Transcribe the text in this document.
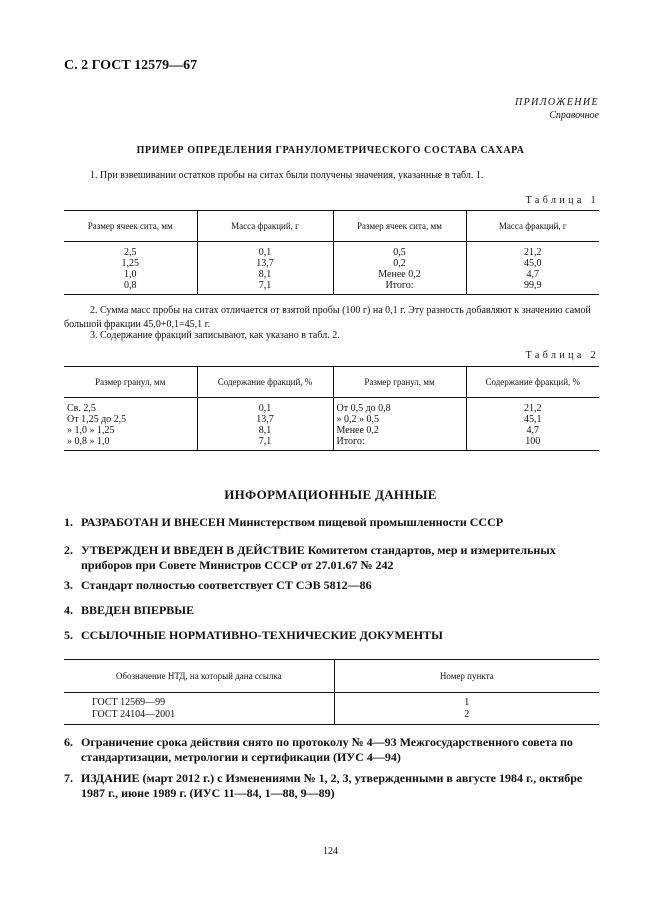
С. 2 ГОСТ 12579—67
ПРИЛОЖЕНИЕ
Справочное
ПРИМЕР ОПРЕДЕЛЕНИЯ ГРАНУЛОМЕТРИЧЕСКОГО СОСТАВА САХАРА

1. При взвешивании остатков пробы на ситах были получены значения, указанные в табл. 1.

Таблица 1
Размер ячеек сита, мм	Масса фракций, г	Размер ячеек сита, мм	Масса фракций, г
2,5	0,1	0,5	21,2
1,25	13,7	0,2	45,0
1,0	8,1	Менее 0,2	4,7
0,8	7,1	Итого:	99,9

2. Сумма масс пробы на ситах отличается от взятой пробы (100 г) на 0,1 г. Эту разность добавляют к значению самой большой фракции 45,0+0,1=45,1 г.

3. Содержание фракций записывают, как указано в табл. 2.

Таблица 2
Размер гранул, мм	Содержание фракций, %	Размер гранул, мм	Содержание фракций, %
Св. 2,5	0,1	От 0,5 до 0,8	21,2
От 1,25 до 2,5	13,7	» 0,2 » 0,5	45,1
» 1,0 » 1,25	8,1	Менее 0,2	4,7
» 0,8 » 1,0	7,1	Итого:	100
ИНФОРМАЦИОННЫЕ ДАННЫЕ
1. РАЗРАБОТАН И ВНЕСЕН Министерством пищевой промышленности СССР
2. УТВЕРЖДЕН И ВВЕДЕН В ДЕЙСТВИЕ Комитетом стандартов, мер и измерительных приборов при Совете Министров СССР от 27.01.67 № 242
3. Стандарт полностью соответствует СТ СЭВ 5812—86
4. ВВЕДЕН ВПЕРВЫЕ
5. ССЫЛОЧНЫЕ НОРМАТИВНО-ТЕХНИЧЕСКИЕ ДОКУМЕНТЫ
Обозначение НТД, на который дана ссылка	Номер пункта
ГОСТ 12569—99	1
ГОСТ 24104—2001	2
6. Ограничение срока действия снято по протоколу № 4—93 Межгосударственного совета по стандартизации, метрологии и сертификации (ИУС 4—94)
7. ИЗДАНИЕ (март 2012 г.) с Изменениями № 1, 2, 3, утвержденными в августе 1984 г., октябре 1987 г., июне 1989 г. (ИУС 11—84, 1—88, 9—89)
124
